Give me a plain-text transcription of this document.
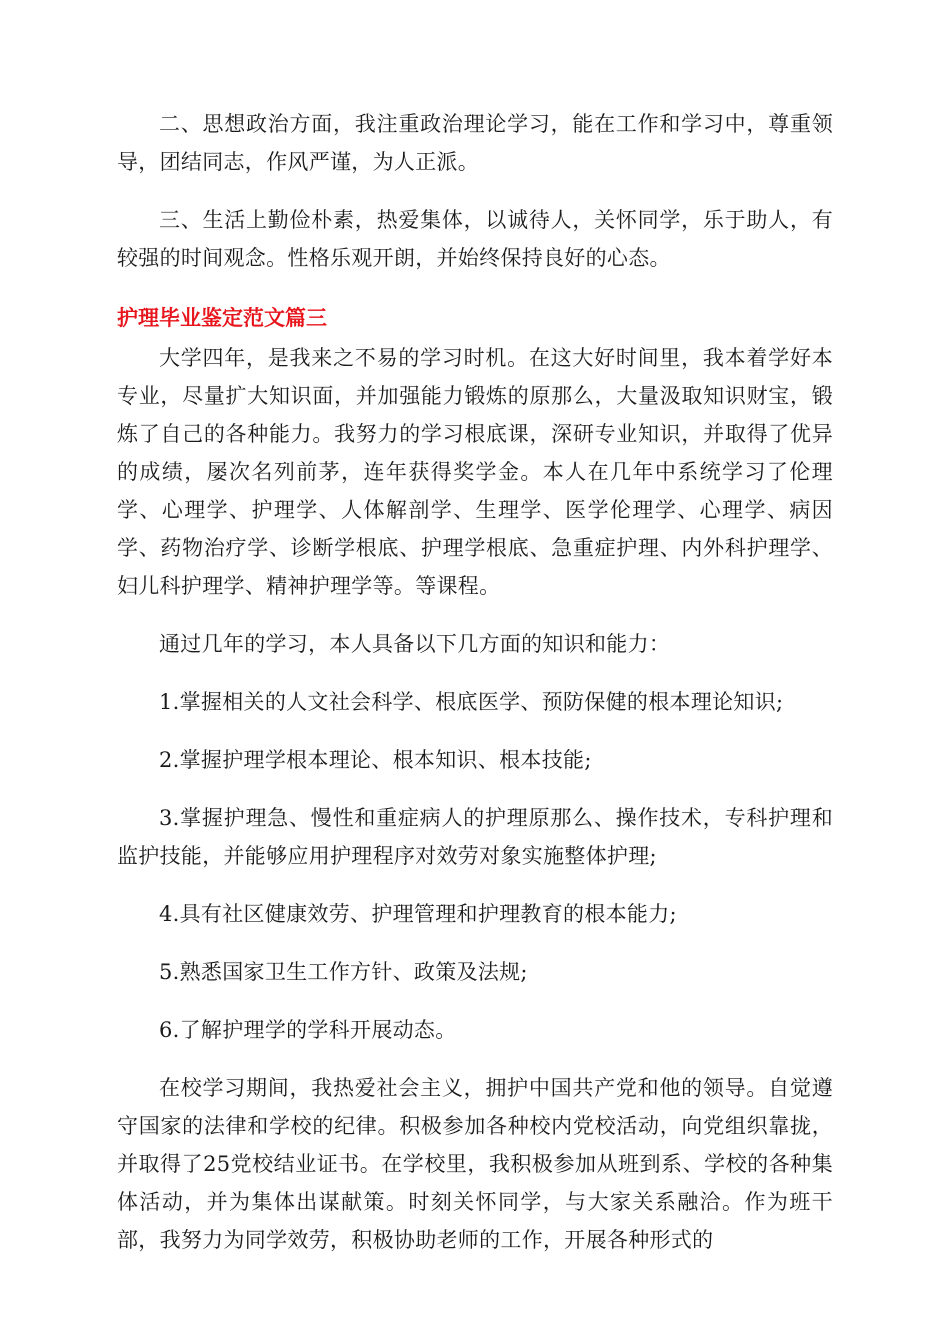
二、思想政治方面，我注重政治理论学习，能在工作和学习中，尊重领导，团结同志，作风严谨，为人正派。

三、生活上勤俭朴素，热爱集体，以诚待人，关怀同学，乐于助人，有较强的时间观念。性格乐观开朗，并始终保持良好的心态。

护理毕业鉴定范文篇三

大学四年，是我来之不易的学习时机。在这大好时间里，我本着学好本专业，尽量扩大知识面，并加强能力锻炼的原那么，大量汲取知识财宝，锻炼了自己的各种能力。我努力的学习根底课，深研专业知识，并取得了优异的成绩，屡次名列前茅，连年获得奖学金。本人在几年中系统学习了伦理学、心理学、护理学、人体解剖学、生理学、医学伦理学、心理学、病因学、药物治疗学、诊断学根底、护理学根底、急重症护理、内外科护理学、妇儿科护理学、精神护理学等。等课程。

通过几年的学习，本人具备以下几方面的知识和能力：

1.掌握相关的人文社会科学、根底医学、预防保健的根本理论知识;

2.掌握护理学根本理论、根本知识、根本技能;

3.掌握护理急、慢性和重症病人的护理原那么、操作技术，专科护理和监护技能，并能够应用护理程序对效劳对象实施整体护理;

4.具有社区健康效劳、护理管理和护理教育的根本能力;

5.熟悉国家卫生工作方针、政策及法规;

6.了解护理学的学科开展动态。

在校学习期间，我热爱社会主义，拥护中国共产党和他的领导。自觉遵守国家的法律和学校的纪律。积极参加各种校内党校活动，向党组织靠拢，并取得了25党校结业证书。在学校里，我积极参加从班到系、学校的各种集体活动，并为集体出谋献策。时刻关怀同学，与大家关系融洽。作为班干部，我努力为同学效劳，积极协助老师的工作，开展各种形式的
